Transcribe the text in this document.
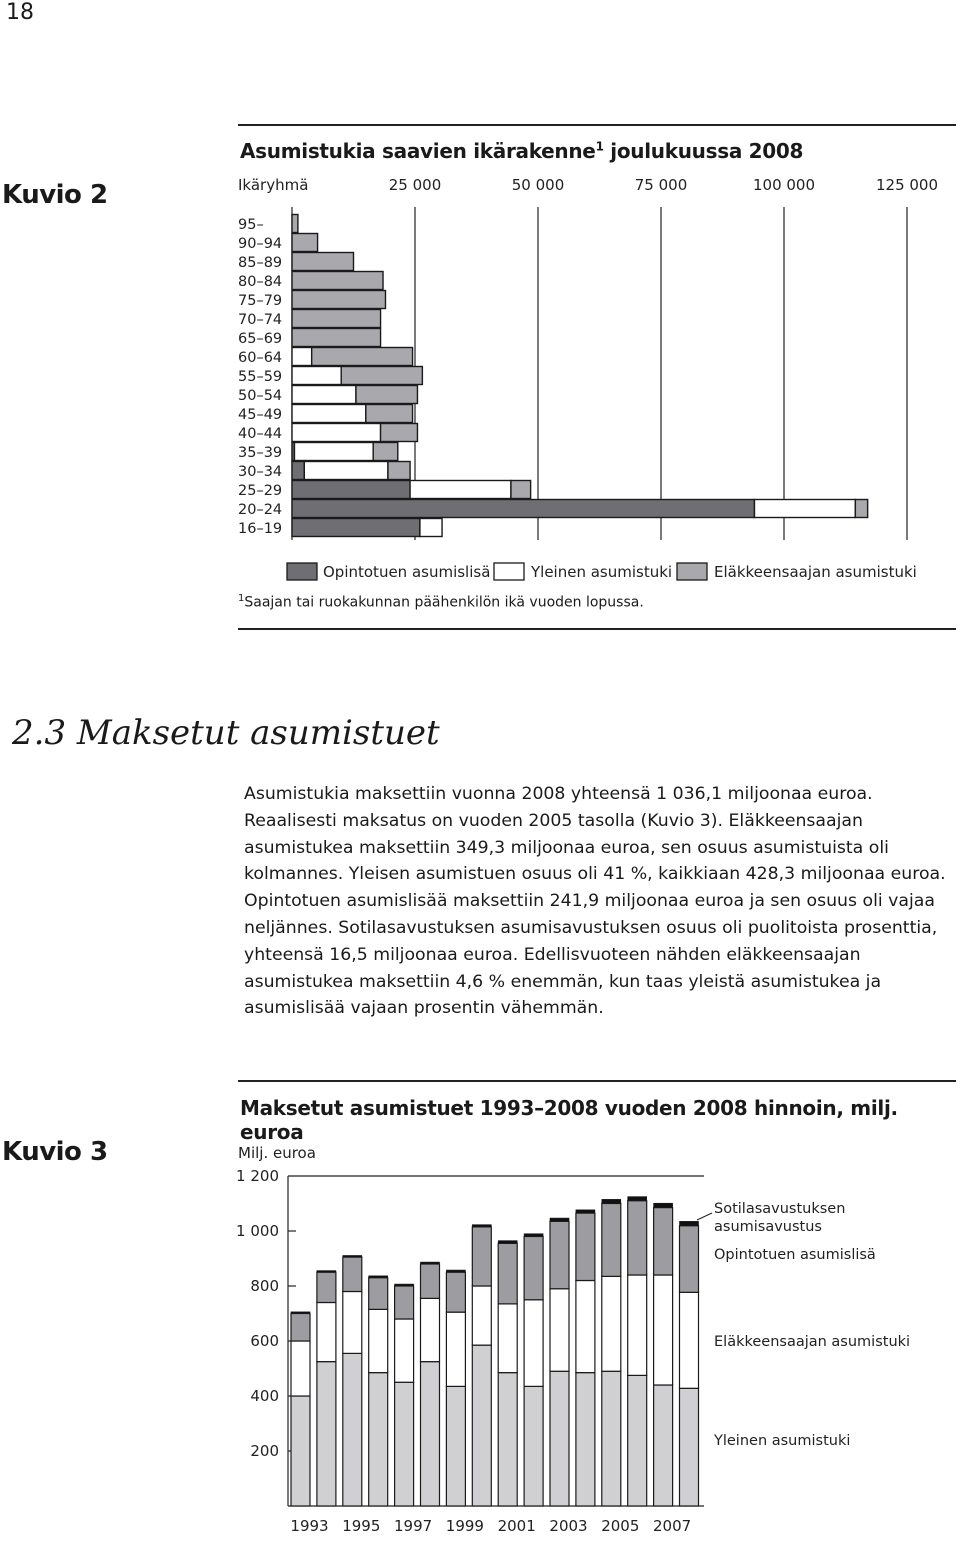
18
Kuvio 2
Asumistukia saavien ikärakenne$^1$ joulukuussa 2008
Ikäryhmä	25 000	50 000	75 000	100 000	125 000
95–
90–94
85–89
80–84
75–79
70–74
65–69
60–64
55–59
50–54
45–49
40–44
35–39
30–34
25–29
20–24
16–19
Opintotuen asumislisä	Yleinen asumistuki	Eläkkeensaajan asumistuki
$^1$Saajan tai ruokakunnan päähenkilön ikä vuoden lopussa.
2.3 Maksetut asumistuet

Asumistukia maksettiin vuonna 2008 yhteensä 1 036,1 miljoonaa euroa. Reaalisesti maksatus on vuoden 2005 tasolla (Kuvio 3). Eläkkeensaajan asumistukea maksettiin 349,3 miljoonaa euroa, sen osuus asumistuista oli kolmannes. Yleisen asumistuen osuus oli 41 %, kaikkiaan 428,3 miljoonaa euroa. Opintotuen asumislisää maksettiin 241,9 miljoonaa euroa ja sen osuus oli vajaa neljännes. Sotilasavustuksen asumisavustuksen osuus oli puolitoista prosenttia, yhteensä 16,5 miljoonaa euroa. Edellisvuoteen nähden eläkkeensaajan asumistukea maksettiin 4,6 % enemmän, kun taas yleistä asumistukea ja asumislisää vajaan prosentin vähemmän.

Kuvio 3
Maksetut asumistuet 1993–2008 vuoden 2008 hinnoin, milj. euroa
Milj. euroa
200
400
600
800
1 000
1 200
1993 1995 1997 1999 2001 2003 2005 2007
Sotilasavustuksen
asumisavustus
Opintotuen asumislisä
Eläkkeensaajan asumistuki
Yleinen asumistuki
